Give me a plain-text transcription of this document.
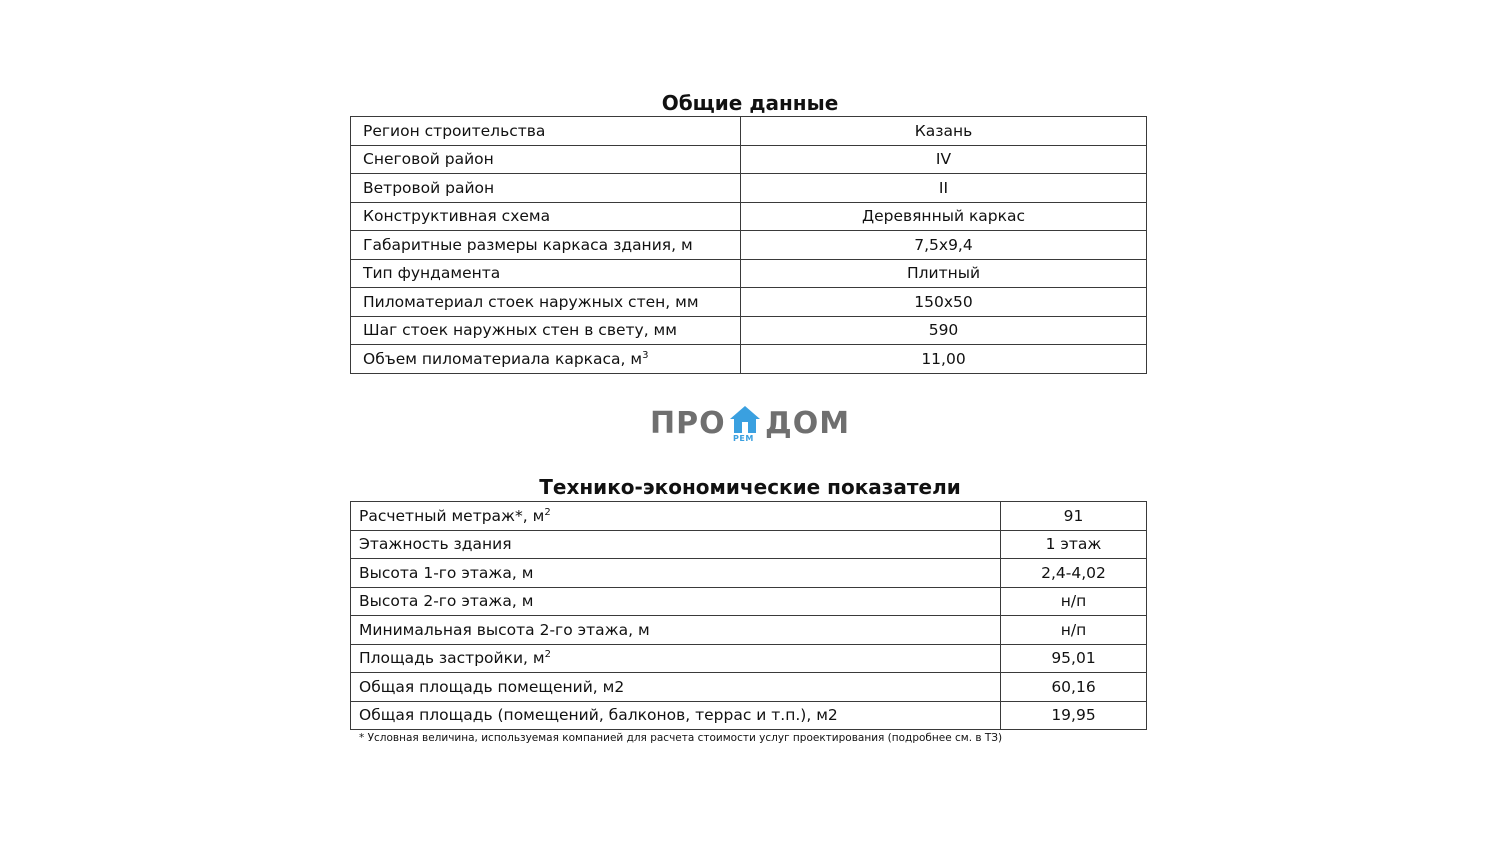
Общие данные
Регион строительства	Казань
Снеговой район	IV
Ветровой район	II
Конструктивная схема	Деревянный каркас
Габаритные размеры каркаса здания, м	7,5x9,4
Тип фундамента	Плитный
Пиломатериал стоек наружных стен, мм	150x50
Шаг стоек наружных стен в свету, мм	590
Объем пиломатериала каркаса, $м^3$	11,00
ПРО РЕМ ДОМ
Технико-экономические показатели
Расчетный метраж*, $м^2$	91
Этажность здания	1 этаж
Высота 1-го этажа, м	2,4-4,02
Высота 2-го этажа, м	н/п
Минимальная высота 2-го этажа, м	н/п
Площадь застройки, $м^2$	95,01
Общая площадь помещений, м2	60,16
Общая площадь (помещений, балконов, террас и т.п.), м2	19,95
* Условная величина, используемая компанией для расчета стоимости услуг проектирования (подробнее см. в ТЗ)
